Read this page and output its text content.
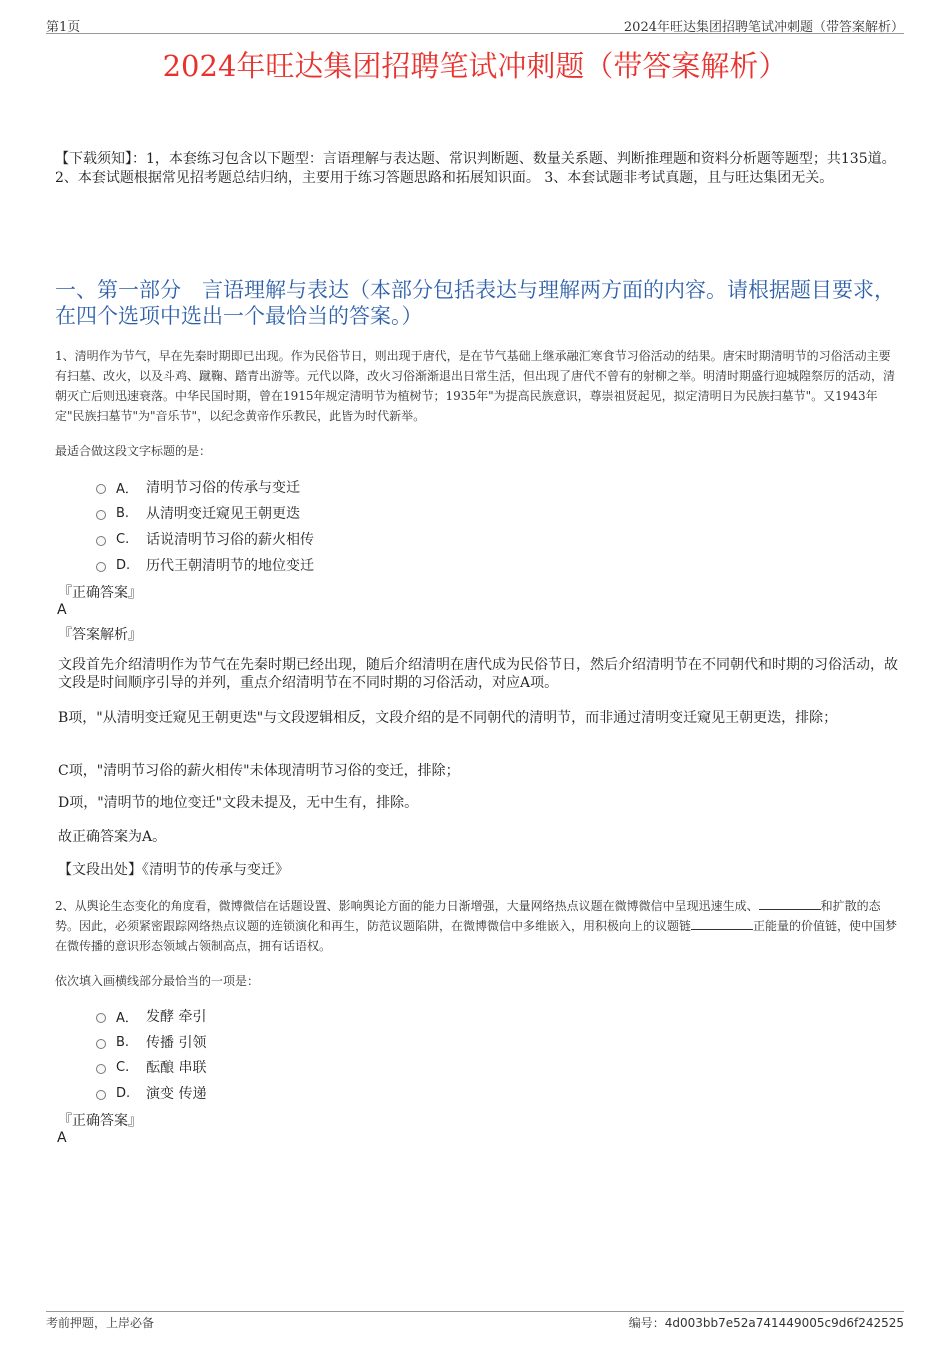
第1页	2024年旺达集团招聘笔试冲刺题（带答案解析）
2024年旺达集团招聘笔试冲刺题（带答案解析）
【下载须知】：1，本套练习包含以下题型：言语理解与表达题、常识判断题、数量关系题、判断推理题和资料分析题等题型；共135道。 2、本套试题根据常见招考题总结归纳，主要用于练习答题思路和拓展知识面。 3、本套试题非考试真题，且与旺达集团无关。
一、第一部分　言语理解与表达（本部分包括表达与理解两方面的内容。请根据题目要求，在四个选项中选出一个最恰当的答案。）
1、清明作为节气，早在先秦时期即已出现。作为民俗节日，则出现于唐代，是在节气基础上继承融汇寒食节习俗活动的结果。唐宋时期清明节的习俗活动主要有扫墓、改火，以及斗鸡、蹴鞠、踏青出游等。元代以降，改火习俗渐渐退出日常生活，但出现了唐代不曾有的射柳之举。明清时期盛行迎城隍祭厉的活动，清朝灭亡后则迅速衰落。中华民国时期，曾在1915年规定清明节为植树节；1935年"为提高民族意识，尊崇祖贤起见，拟定清明日为民族扫墓节"。又1943年定"民族扫墓节"为"音乐节"，以纪念黄帝作乐教民，此皆为时代新举。
最适合做这段文字标题的是：
A． 清明节习俗的传承与变迁
B.	从清明变迁窥见王朝更迭
C.	话说清明节习俗的薪火相传
D.	历代王朝清明节的地位变迁
『正确答案』
A
『答案解析』
文段首先介绍清明作为节气在先秦时期已经出现，随后介绍清明在唐代成为民俗节日，然后介绍清明节在不同朝代和时期的习俗活动，故文段是时间顺序引导的并列，重点介绍清明节在不同时期的习俗活动，对应A项。
B项，"从清明变迁窥见王朝更迭"与文段逻辑相反，文段介绍的是不同朝代的清明节，而非通过清明变迁窥见王朝更迭，排除；
C项，"清明节习俗的薪火相传"未体现清明节习俗的变迁，排除；
D项，"清明节的地位变迁"文段未提及，无中生有，排除。
故正确答案为A。
【文段出处】《清明节的传承与变迁》
2、从舆论生态变化的角度看，微博微信在话题设置、影响舆论方面的能力日渐增强，大量网络热点议题在微博微信中呈现迅速生成、	和扩散的态势。因此，必须紧密跟踪网络热点议题的连锁演化和再生，防范议题陷阱，在微博微信中多维嵌入，用积极向上的议题链	正能量的价值链，使中国梦在微传播的意识形态领域占领制高点，拥有话语权。
依次填入画横线部分最恰当的一项是：
A． 发酵 牵引
B.	传播 引领
C.	酝酿 串联
D.	演变 传递
『正确答案』
A
考前押题，上岸必备	编号：4d003bb7e52a741449005c9d6f242525
